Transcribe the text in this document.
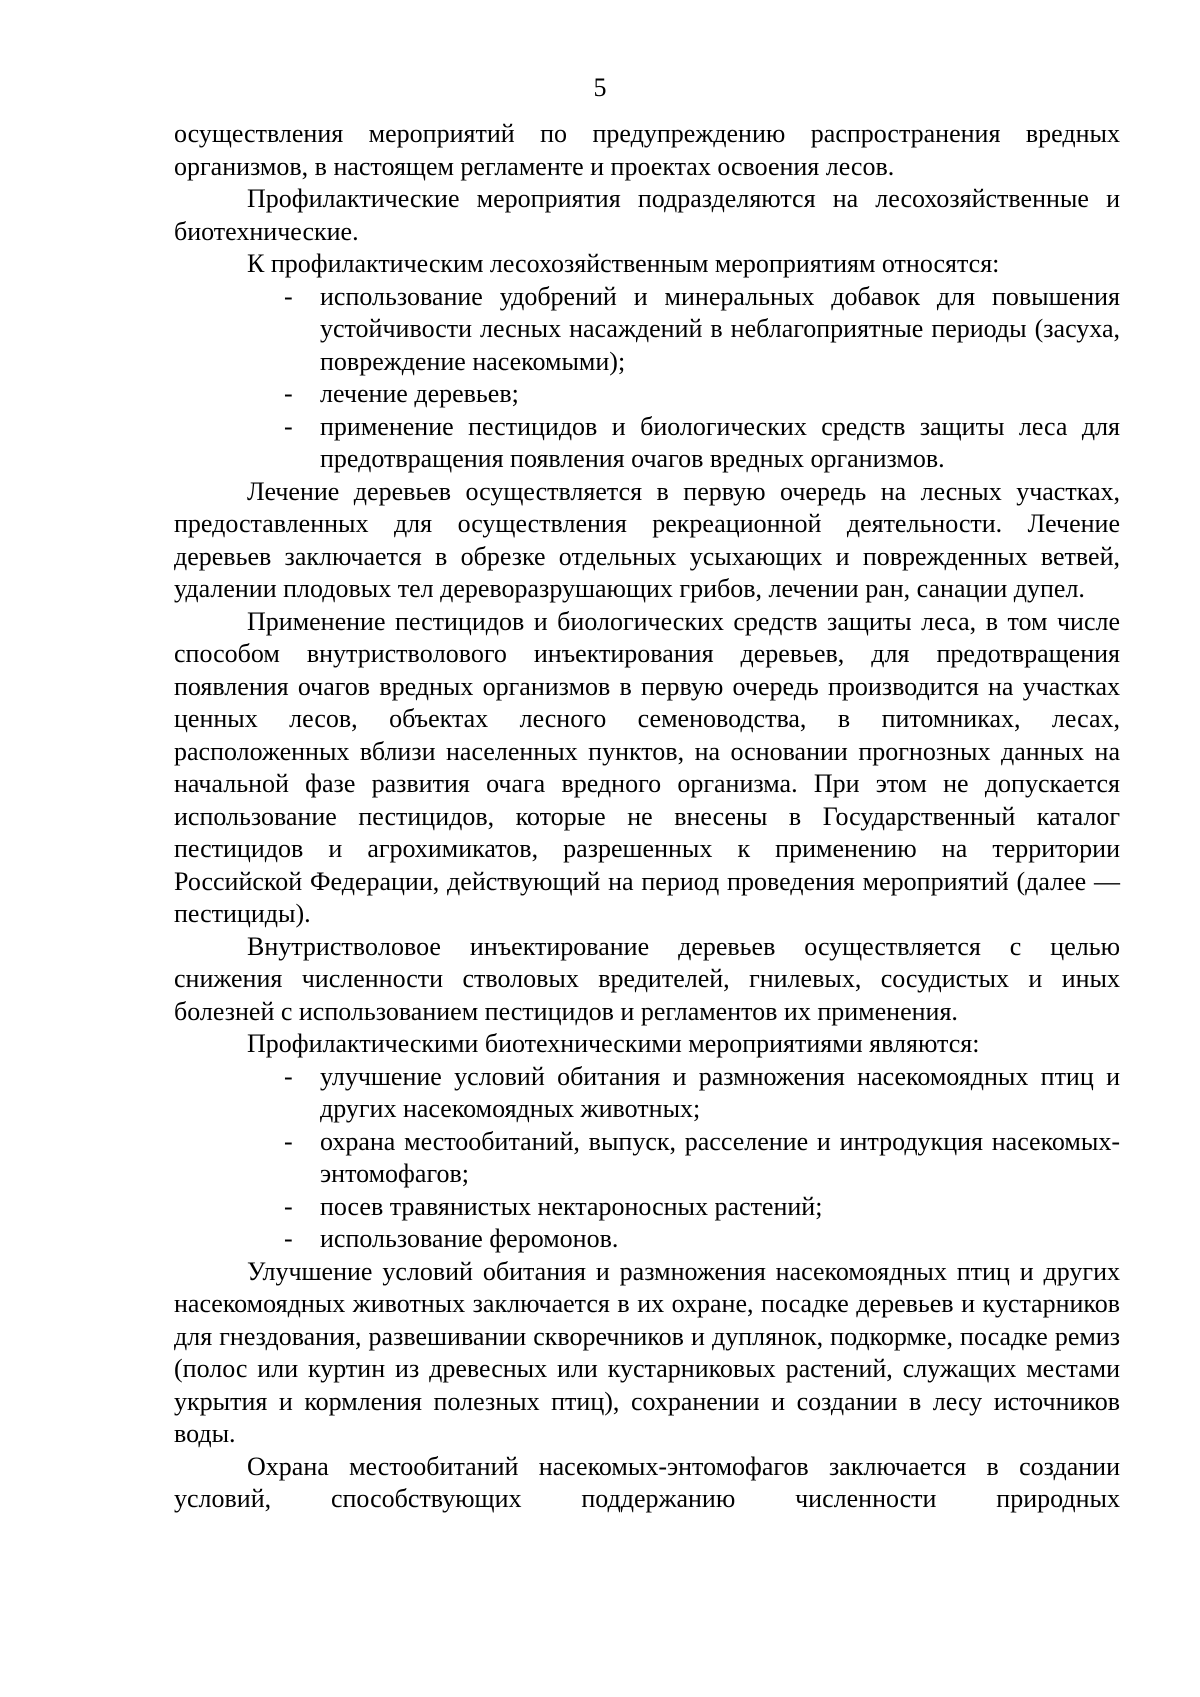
5

осуществления мероприятий по предупреждению распространения вредных организмов, в настоящем регламенте и проектах освоения лесов.

Профилактические мероприятия подразделяются на лесохозяйственные и биотехнические.

К профилактическим лесохозяйственным мероприятиям относятся:

- использование удобрений и минеральных добавок для повышения устойчивости лесных насаждений в неблагоприятные периоды (засуха, повреждение насекомыми);
- лечение деревьев;
- применение пестицидов и биологических средств защиты леса для предотвращения появления очагов вредных организмов.

Лечение деревьев осуществляется в первую очередь на лесных участках, предоставленных для осуществления рекреационной деятельности. Лечение деревьев заключается в обрезке отдельных усыхающих и поврежденных ветвей, удалении плодовых тел дереворазрушающих грибов, лечении ран, санации дупел.

Применение пестицидов и биологических средств защиты леса, в том числе способом внутриствoлового инъектирования деревьев, для предотвращения появления очагов вредных организмов в первую очередь производится на участках ценных лесов, объектах лесного семеноводства, в питомниках, лесах, расположенных вблизи населенных пунктов, на основании прогнозных данных на начальной фазе развития очага вредного организма. При этом не допускается использование пестицидов, которые не внесены в Государственный каталог пестицидов и агрохимикатов, разрешенных к применению на территории Российской Федерации, действующий на период проведения мероприятий (далее — пестициды).

Внутриствoловое инъектирование деревьев осуществляется с целью снижения численности стволовых вредителей, гнилевых, сосудистых и иных болезней с использованием пестицидов и регламентов их применения.

Профилактическими биотехническими мероприятиями являются:

- улучшение условий обитания и размножения насекомоядных птиц и других насекомоядных животных;
- охрана местообитаний, выпуск, расселение и интродукция насекомых-энтомофагов;
- посев травянистых нектароносных растений;
- использование феромонов.

Улучшение условий обитания и размножения насекомоядных птиц и других насекомоядных животных заключается в их охране, посадке деревьев и кустарников для гнездования, развешивании скворечников и дуплянок, подкормке, посадке ремиз (полос или куртин из древесных или кустарниковых растений, служащих местами укрытия и кормления полезных птиц), сохранении и создании в лесу источников воды.

Охрана местообитаний насекомых-энтомофагов заключается в создании условий, способствующих поддержанию численности природных
